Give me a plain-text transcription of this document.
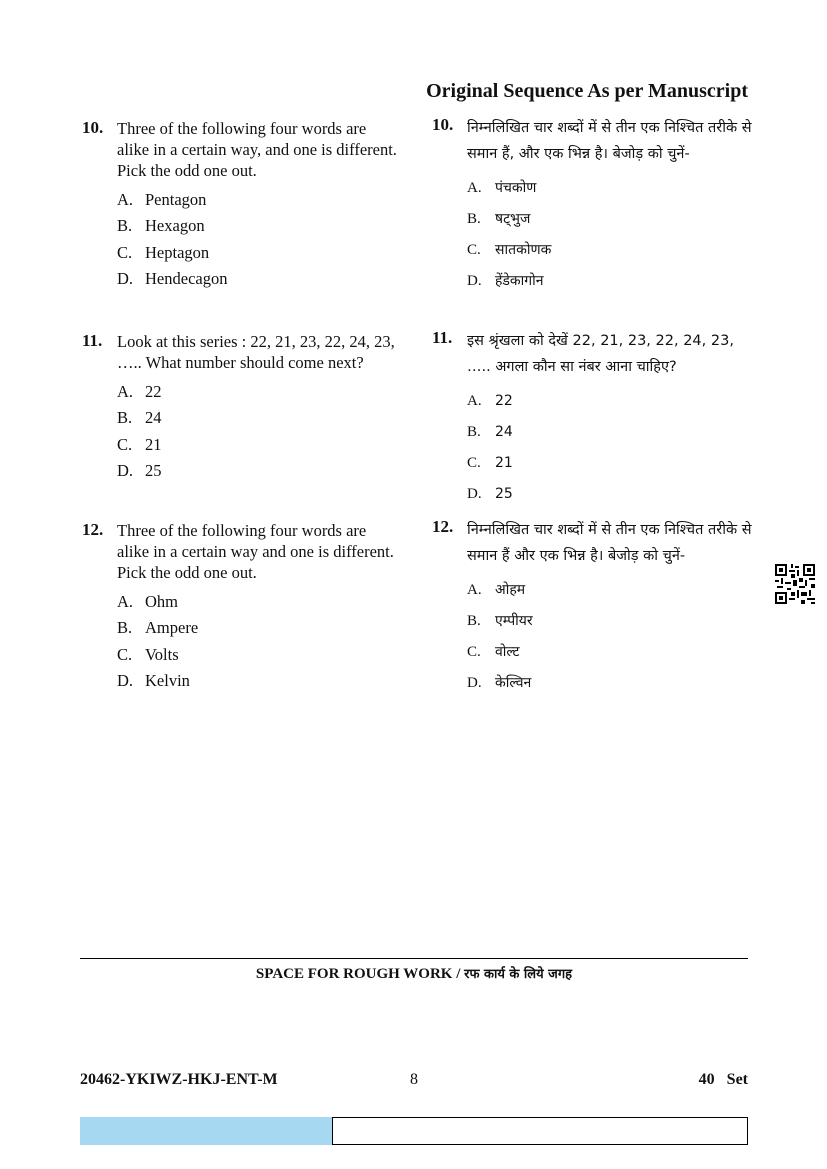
Original Sequence As per Manuscript
10. Three of the following four words are alike in a certain way, and one is different. Pick the odd one out.
A. Pentagon
B. Hexagon
C. Heptagon
D. Hendecagon
11. Look at this series : 22, 21, 23, 22, 24, 23, ….. What number should come next?
A. 22
B. 24
C. 21
D. 25
12. Three of the following four words are alike in a certain way and one is different. Pick the odd one out.
A. Ohm
B. Ampere
C. Volts
D. Kelvin
10. निम्नलिखित चार शब्दों में से तीन एक निश्चित तरीके से समान हैं, और एक भिन्न है। बेजोड़ को चुनें-
A. पंचकोण
B. षट्भुज
C. सातकोणक
D. हेंडेकागोन
11. इस श्रृंखला को देखें 22, 21, 23, 22, 24, 23, ….. अगला कौन सा नंबर आना चाहिए?
A. 22
B. 24
C. 21
D. 25
12. निम्नलिखित चार शब्दों में से तीन एक निश्चित तरीके से समान हैं और एक भिन्न है। बेजोड़ को चुनें-
A. ओहम
B. एम्पीयर
C. वोल्ट
D. केल्विन
SPACE FOR ROUGH WORK / रफ कार्य के लिये जगह
20462-YKIWZ-HKJ-ENT-M	8	40   Set
